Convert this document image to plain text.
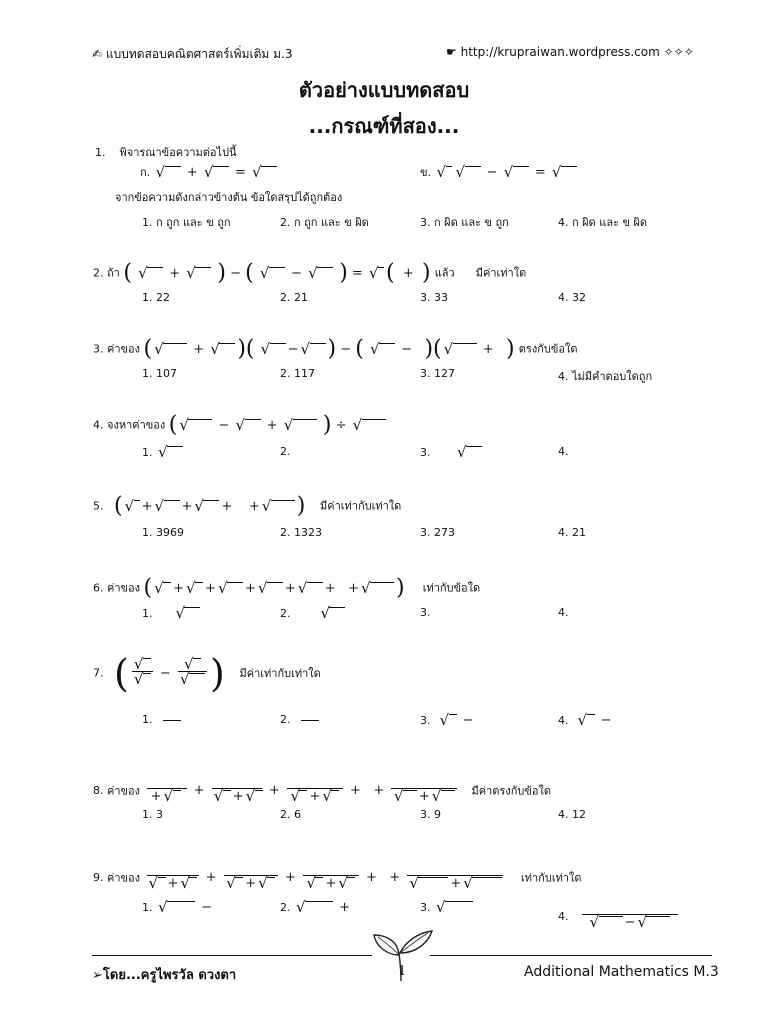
✍ แบบทดสอบคณิตศาสตร์เพิ่มเติม ม.3	☛ http://krupraiwan.wordpress.com ✧✧✧
ตัวอย่างแบบทดสอบ
...กรณฑ์ที่สอง...
1. พิจารณาข้อความต่อไปนี้
ก. √	+ √  = √	ข. √ √	− √  = √
จากข้อความดังกล่าวข้างต้น ข้อใดสรุปได้ถูกต้อง
1. ก ถูก และ ข ถูก	2. ก ถูก และ ข ผิด	3. ก ผิด และ ข ถูก	4. ก ผิด และ ข ผิด
2. ถ้า ( √	+ √  ) − ( √	− √  ) = √ (  +  ) แล้ว มีค่าเท่าใด
1. 22	2. 21	3. 33	4. 32
3. ค่าของ ( √	+ √ )( √	− √ ) − ( √	−   )( √	+   ) ตรงกับข้อใด
1. 107	2. 117	3. 127	4. ไม่มีคำตอบใดถูก
4. จงหาค่าของ ( √	− √  + √  ) ÷ √
1. √	2.	3. √	4.
5. ( √ + √ + √ +    + √ ) มีค่าเท่ากับเท่าใด
1. 3969	2. 1323	3. 273	4. 21
6. ค่าของ ( √ + √ + √ + √ + √ +   + √ ) เท่ากับข้อใด
1. √	2. √	3.	4.
7. (
√
√
−
√
√
) มีค่าเท่ากับเท่าใด
1.	2.	3.  √  −	4.  √  −
8. ค่าของ + √	+ √	+ √	+ √	+ √	+   + √	+ √	มีค่าตรงกับข้อใด
1. 3	2. 6	3. 9	4. 12
9. ค่าของ √	+ √	+ √	+ √	+ √	+ √	+   + √	+ √	เท่ากับเท่าใด
1. √	−	2. √	+	3. √
4. √	−√
➢โดย...ครูไพรวัล ดวงตา	1	Additional Mathematics M.3
